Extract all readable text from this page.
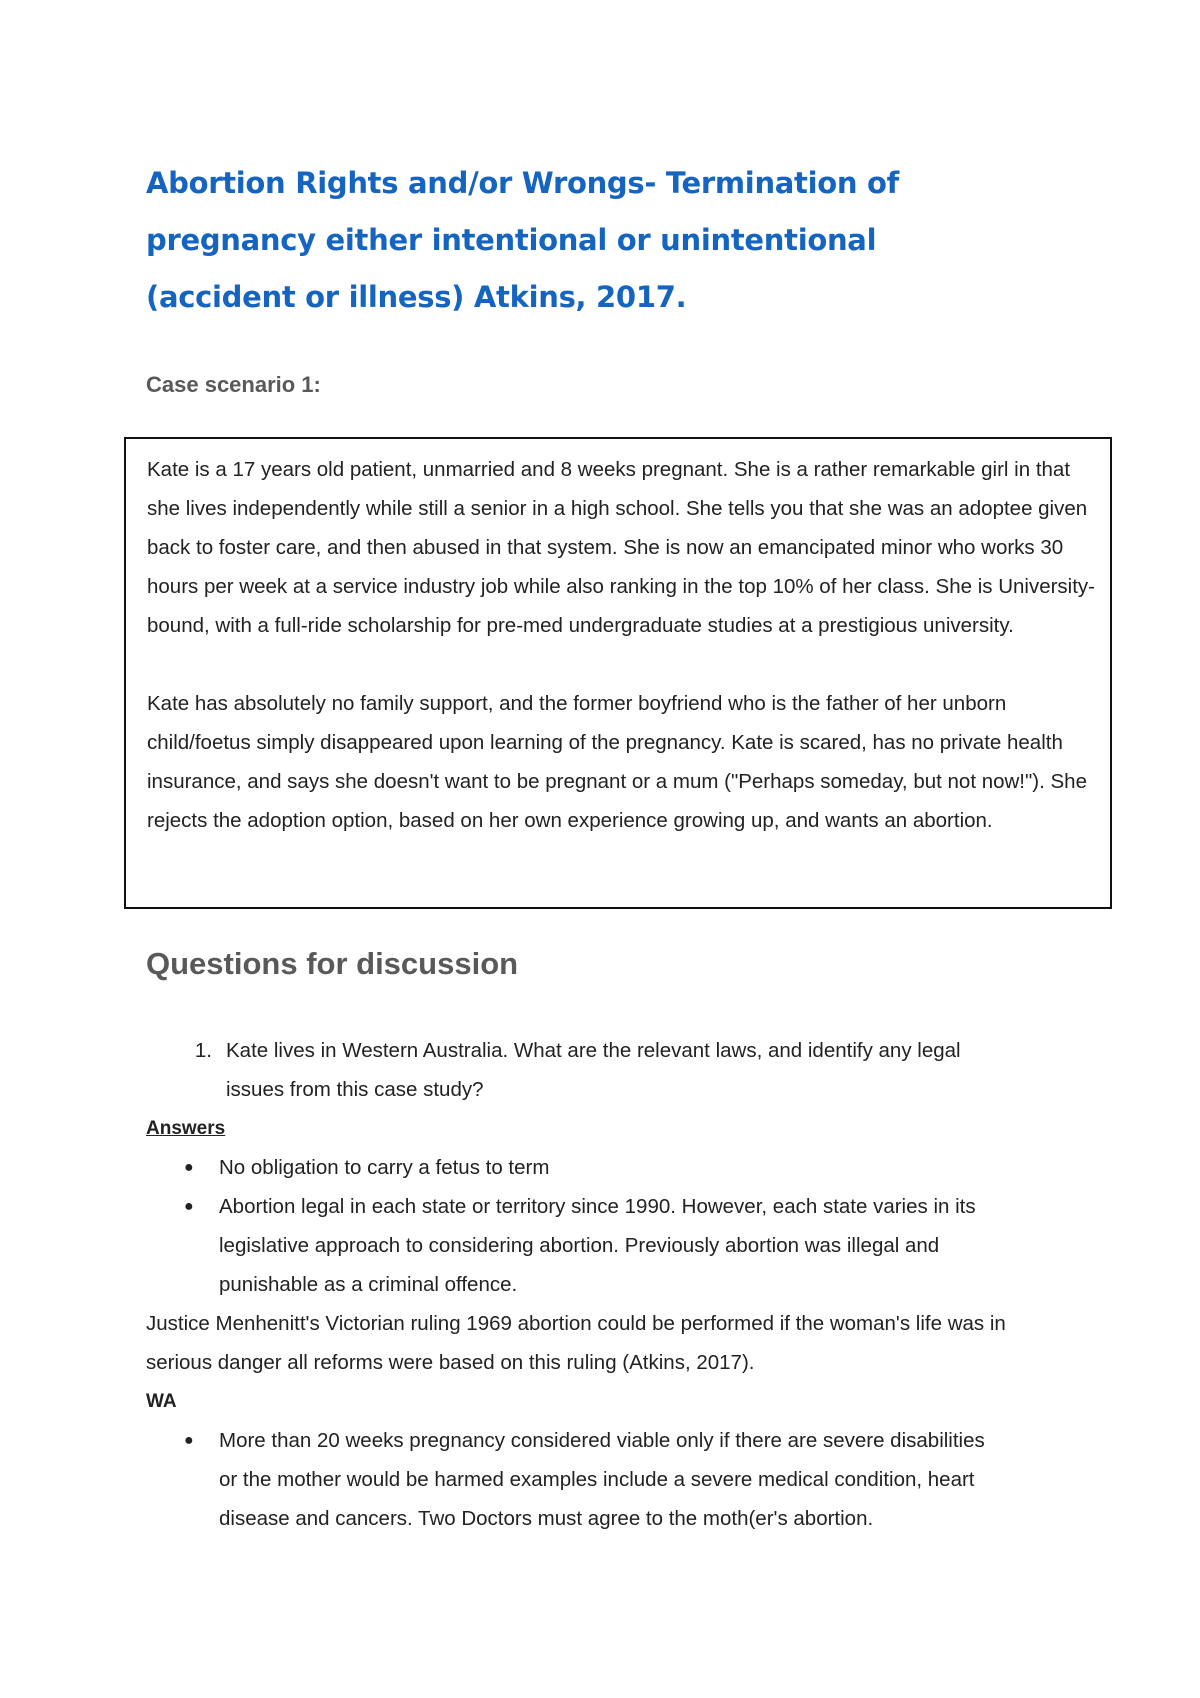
Abortion Rights and/or Wrongs- Termination of pregnancy either intentional or unintentional (accident or illness) Atkins, 2017.
Case scenario 1:

Kate is a 17 years old patient, unmarried and 8 weeks pregnant. She is a rather remarkable girl in that she lives independently while still a senior in a high school. She tells you that she was an adoptee given back to foster care, and then abused in that system. She is now an emancipated minor who works 30 hours per week at a service industry job while also ranking in the top 10% of her class. She is University-bound, with a full-ride scholarship for pre-med undergraduate studies at a prestigious university.

Kate has absolutely no family support, and the former boyfriend who is the father of her unborn child/foetus simply disappeared upon learning of the pregnancy. Kate is scared, has no private health insurance, and says she doesn't want to be pregnant or a mum ("Perhaps someday, but not now!"). She rejects the adoption option, based on her own experience growing up, and wants an abortion.

Questions for discussion
1. Kate lives in Western Australia. What are the relevant laws, and identify any legal issues from this case study?
Answers
●	No obligation to carry a fetus to term
●	Abortion legal in each state or territory since 1990. However, each state varies in its legislative approach to considering abortion. Previously abortion was illegal and punishable as a criminal offence.

Justice Menhenitt's Victorian ruling 1969 abortion could be performed if the woman's life was in serious danger all reforms were based on this ruling (Atkins, 2017).

WA
●	More than 20 weeks pregnancy considered viable only if there are severe disabilities or the mother would be harmed examples include a severe medical condition, heart disease and cancers. Two Doctors must agree to the moth(er's abortion.
